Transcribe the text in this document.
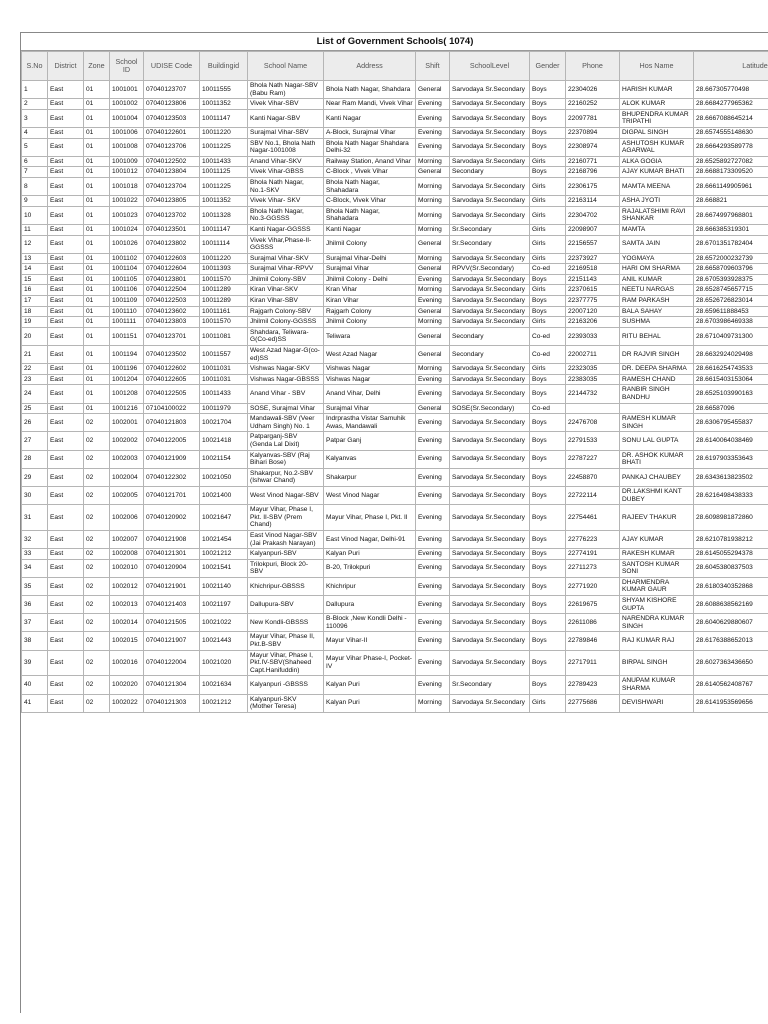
List of Government Schools( 1074)
S.No	District	Zone	School ID	UDISE Code	Buildingid	School Name	Address	Shift	SchoolLevel	Gender	Phone	Hos Name	Latitude
1	East	01	1001001	07040123707	10011555	Bhola Nath Nagar-SBV (Babu Ram)	Bhola Nath Nagar, Shahdara	General	Sarvodaya Sr.Secondary	Boys	22304026	HARISH KUMAR	28.667305770498
2	East	01	1001002	07040123806	10011352	Vivek Vihar-SBV	Near Ram Mandi, Vivek Vihar	Evening	Sarvodaya Sr.Secondary	Boys	22160252	ALOK KUMAR	28.6684277965362
3	East	01	1001004	07040123503	10011147	Kanti Nagar-SBV	Kanti Nagar	Evening	Sarvodaya Sr.Secondary	Boys	22097781	BHUPENDRA KUMAR TRIPATHI	28.6667088645214
4	East	01	1001006	07040122601	10011220	Surajmal Vihar-SBV	A-Block, Surajmal Vihar	Evening	Sarvodaya Sr.Secondary	Boys	22370894	DIGPAL SINGH	28.6574555148630
5	East	01	1001008	07040123706	10011225	SBV No.1, Bhola Nath Nagar-1001008	Bhola Nath Nagar Shahdara Delhi-32	Evening	Sarvodaya Sr.Secondary	Boys	22308974	ASHUTOSH KUMAR AGARWAL	28.6664293589778
6	East	01	1001009	07040122502	10011433	Anand Vihar-SKV	Railway Station, Anand Vihar	Morning	Sarvodaya Sr.Secondary	Girls	22160771	ALKA GOGIA	28.6525892727082
7	East	01	1001012	07040123804	10011125	Vivek Vihar-GBSS	C-Block , Vivek Vihar	General	Secondary	Boys	22168796	AJAY KUMAR BHATI	28.6688173309520
8	East	01	1001018	07040123704	10011225	Bhola Nath Nagar, No.1-SKV	Bhola Nath Nagar, Shahadara	Morning	Sarvodaya Sr.Secondary	Girls	22306175	MAMTA MEENA	28.6661149905961
9	East	01	1001022	07040123805	10011352	Vivek Vihar- SKV	C-Block, Vivek Vihar	Morning	Sarvodaya Sr.Secondary	Girls	22163114	ASHA JYOTI	28.668821
10	East	01	1001023	07040123702	10011328	Bhola Nath Nagar, No.3-GGSSS	Bhola Nath Nagar, Shahadara	Morning	Sarvodaya Sr.Secondary	Girls	22304702	RAJALATSHIMI RAVI SHANKAR	28.6674997968801
11	East	01	1001024	07040123501	10011147	Kanti Nagar-GGSSS	Kanti Nagar	Morning	Sr.Secondary	Girls	22098907	MAMTA	28.666385319301
12	East	01	1001026	07040123802	10011114	Vivek Vihar,Phase-II-GGSSS	Jhilmil Colony	General	Sr.Secondary	Girls	22156557	SAMTA JAIN	28.6701351782404
13	East	01	1001102	07040122603	10011220	Surajmal Vihar-SKV	Surajmal Vihar-Delhi	Morning	Sarvodaya Sr.Secondary	Girls	22373927	YOGMAYA	28.6572000232739
14	East	01	1001104	07040122604	10011393	Surajmal Vihar-RPVV	Surajmal Vihar	General	RPVV(Sr.Secondary)	Co-ed	22169518	HARI OM SHARMA	28.6658709603796
15	East	01	1001105	07040123801	10011570	Jhilmil Colony-SBV	Jhilmil Colony - Delhi	Evening	Sarvodaya Sr.Secondary	Boys	22151143	ANIL KUMAR	28.6705393928375
16	East	01	1001106	07040122504	10011289	Kiran Vihar-SKV	Kran Vihar	Morning	Sarvodaya Sr.Secondary	Girls	22370615	NEETU NARGAS	28.6528745657715
17	East	01	1001109	07040122503	10011289	Kiran Vihar-SBV	Kiran Vihar	Evening	Sarvodaya Sr.Secondary	Boys	22377775	RAM PARKASH	28.6526726823014
18	East	01	1001110	07040123602	10011161	Rajgarh Colony-SBV	Rajgarh Colony	General	Sarvodaya Sr.Secondary	Boys	22007120	BALA SAHAY	28.659611888453
19	East	01	1001111	07040123803	10011570	Jhilmil Colony-GGSSS	Jhilmil Colony	Morning	Sarvodaya Sr.Secondary	Girls	22163206	SUSHMA	28.6703986469338
20	East	01	1001151	07040123701	10011081	Shahdara, Teliwara-G(Co-ed)SS	Teliwara	General	Secondary	Co-ed	22393033	RITU BEHAL	28.6710409731300
21	East	01	1001194	07040123502	10011557	West Azad Nagar-G(co-ed)SS	West Azad Nagar	General	Secondary	Co-ed	22002711	DR RAJVIR SINGH	28.6632924029498
22	East	01	1001196	07040122602	10011031	Vishwas Nagar-SKV	Vishwas Nagar	Morning	Sarvodaya Sr.Secondary	Girls	22323035	DR. DEEPA SHARMA	28.6616254743533
23	East	01	1001204	07040122605	10011031	Vishwas Nagar-GBSSS	Vishwas Nagar	Evening	Sarvodaya Sr.Secondary	Boys	22383035	RAMESH CHAND	28.6615403153064
24	East	01	1001208	07040122505	10011433	Anand Vihar - SBV	Anand Vihar, Delhi	Evening	Sarvodaya Sr.Secondary	Boys	22144732	RANBIR SINGH BANDHU	28.6525103990163
25	East	01	1001216	07104100022	10011979	SOSE, Surajmal Vihar	Surajmal Vihar	General	SOSE(Sr.Secondary)	Co-ed			28.66587096
26	East	02	1002001	07040121803	10021704	Mandawali-SBV (Veer Udham Singh) No. 1	Indrprastha Vistar Samuhik Awas, Mandawali	Evening	Sarvodaya Sr.Secondary	Boys	22476708	RAMESH KUMAR SINGH	28.6306795455837
27	East	02	1002002	07040122005	10021418	Patparganj-SBV (Genda Lal Dixit)	Patpar Ganj	Evening	Sarvodaya Sr.Secondary	Boys	22791533	SONU LAL GUPTA	28.6140064038469
28	East	02	1002003	07040121909	10021154	Kalyanvas-SBV (Raj Bihari Bose)	Kalyanvas	Evening	Sarvodaya Sr.Secondary	Boys	22787227	DR. ASHOK KUMAR BHATI	28.6197903353643
29	East	02	1002004	07040122302	10021050	Shakarpur, No.2-SBV (Ishwar Chand)	Shakarpur	Evening	Sarvodaya Sr.Secondary	Boys	22458870	PANKAJ CHAUBEY	28.6343613823502
30	East	02	1002005	07040121701	10021400	West Vinod Nagar-SBV	West Vinod Nagar	Evening	Sarvodaya Sr.Secondary	Boys	22722114	DR.LAKSHMI KANT DUBEY	28.6216498438333
31	East	02	1002006	07040120902	10021647	Mayur Vihar, Phase I, Pkt. II-SBV (Prem Chand)	Mayur Vihar, Phase I, Pkt. II	Evening	Sarvodaya Sr.Secondary	Boys	22754461	RAJEEV THAKUR	28.6098981872860
32	East	02	1002007	07040121908	10021454	East Vinod Nagar-SBV (Jai Prakash Narayan)	East Vinod Nagar, Delhi-91	Evening	Sarvodaya Sr.Secondary	Boys	22776223	AJAY KUMAR	28.6210781938212
33	East	02	1002008	07040121301	10021212	Kalyanpuri-SBV	Kalyan Puri	Evening	Sarvodaya Sr.Secondary	Boys	22774191	RAKESH KUMAR	28.6145055294378
34	East	02	1002010	07040120904	10021541	Trilokpuri, Block 20-SBV	B-20, Trilokpuri	Evening	Sarvodaya Sr.Secondary	Boys	22711273	SANTOSH KUMAR SONI	28.6045380837503
35	East	02	1002012	07040121901	10021140	Khichripur-GBSSS	Khichripur	Evening	Sarvodaya Sr.Secondary	Boys	22771920	DHARMENDRA KUMAR GAUR	28.6180340352868
36	East	02	1002013	07040121403	10021197	Dallupura-SBV	Dallupura	Evening	Sarvodaya Sr.Secondary	Boys	22619675	SHYAM KISHORE GUPTA	28.6088638562169
37	East	02	1002014	07040121505	10021022	New Kondli-GBSSS	B-Block ,New Kondli Delhi - 110096	Evening	Sarvodaya Sr.Secondary	Boys	22611086	NARENDRA KUMAR SINGH	28.6040629880607
38	East	02	1002015	07040121907	10021443	Mayur Vihar, Phase II, Pkt.B-SBV	Mayur Vihar-II	Evening	Sarvodaya Sr.Secondary	Boys	22789846	RAJ KUMAR RAJ	28.6176388652013
39	East	02	1002016	07040122004	10021020	Mayur Vihar, Phase I, Pkt.IV-SBV(Shaheed Capt.Hanifuddin)	Mayur Vihar Phase-I, Pocket-IV	Evening	Sarvodaya Sr.Secondary	Boys	22717911	BIRPAL SINGH	28.6027363436650
40	East	02	1002020	07040121304	10021634	Kalyanpuri -GBSSS	Kalyan Puri	Evening	Sr.Secondary	Boys	22789423	ANUPAM KUMAR SHARMA	28.6140562408767
41	East	02	1002022	07040121303	10021212	Kalyanpuri-SKV (Mother Teresa)	Kalyan Puri	Morning	Sarvodaya Sr.Secondary	Girls	22775686	DEVISHWARI	28.6141953569656
